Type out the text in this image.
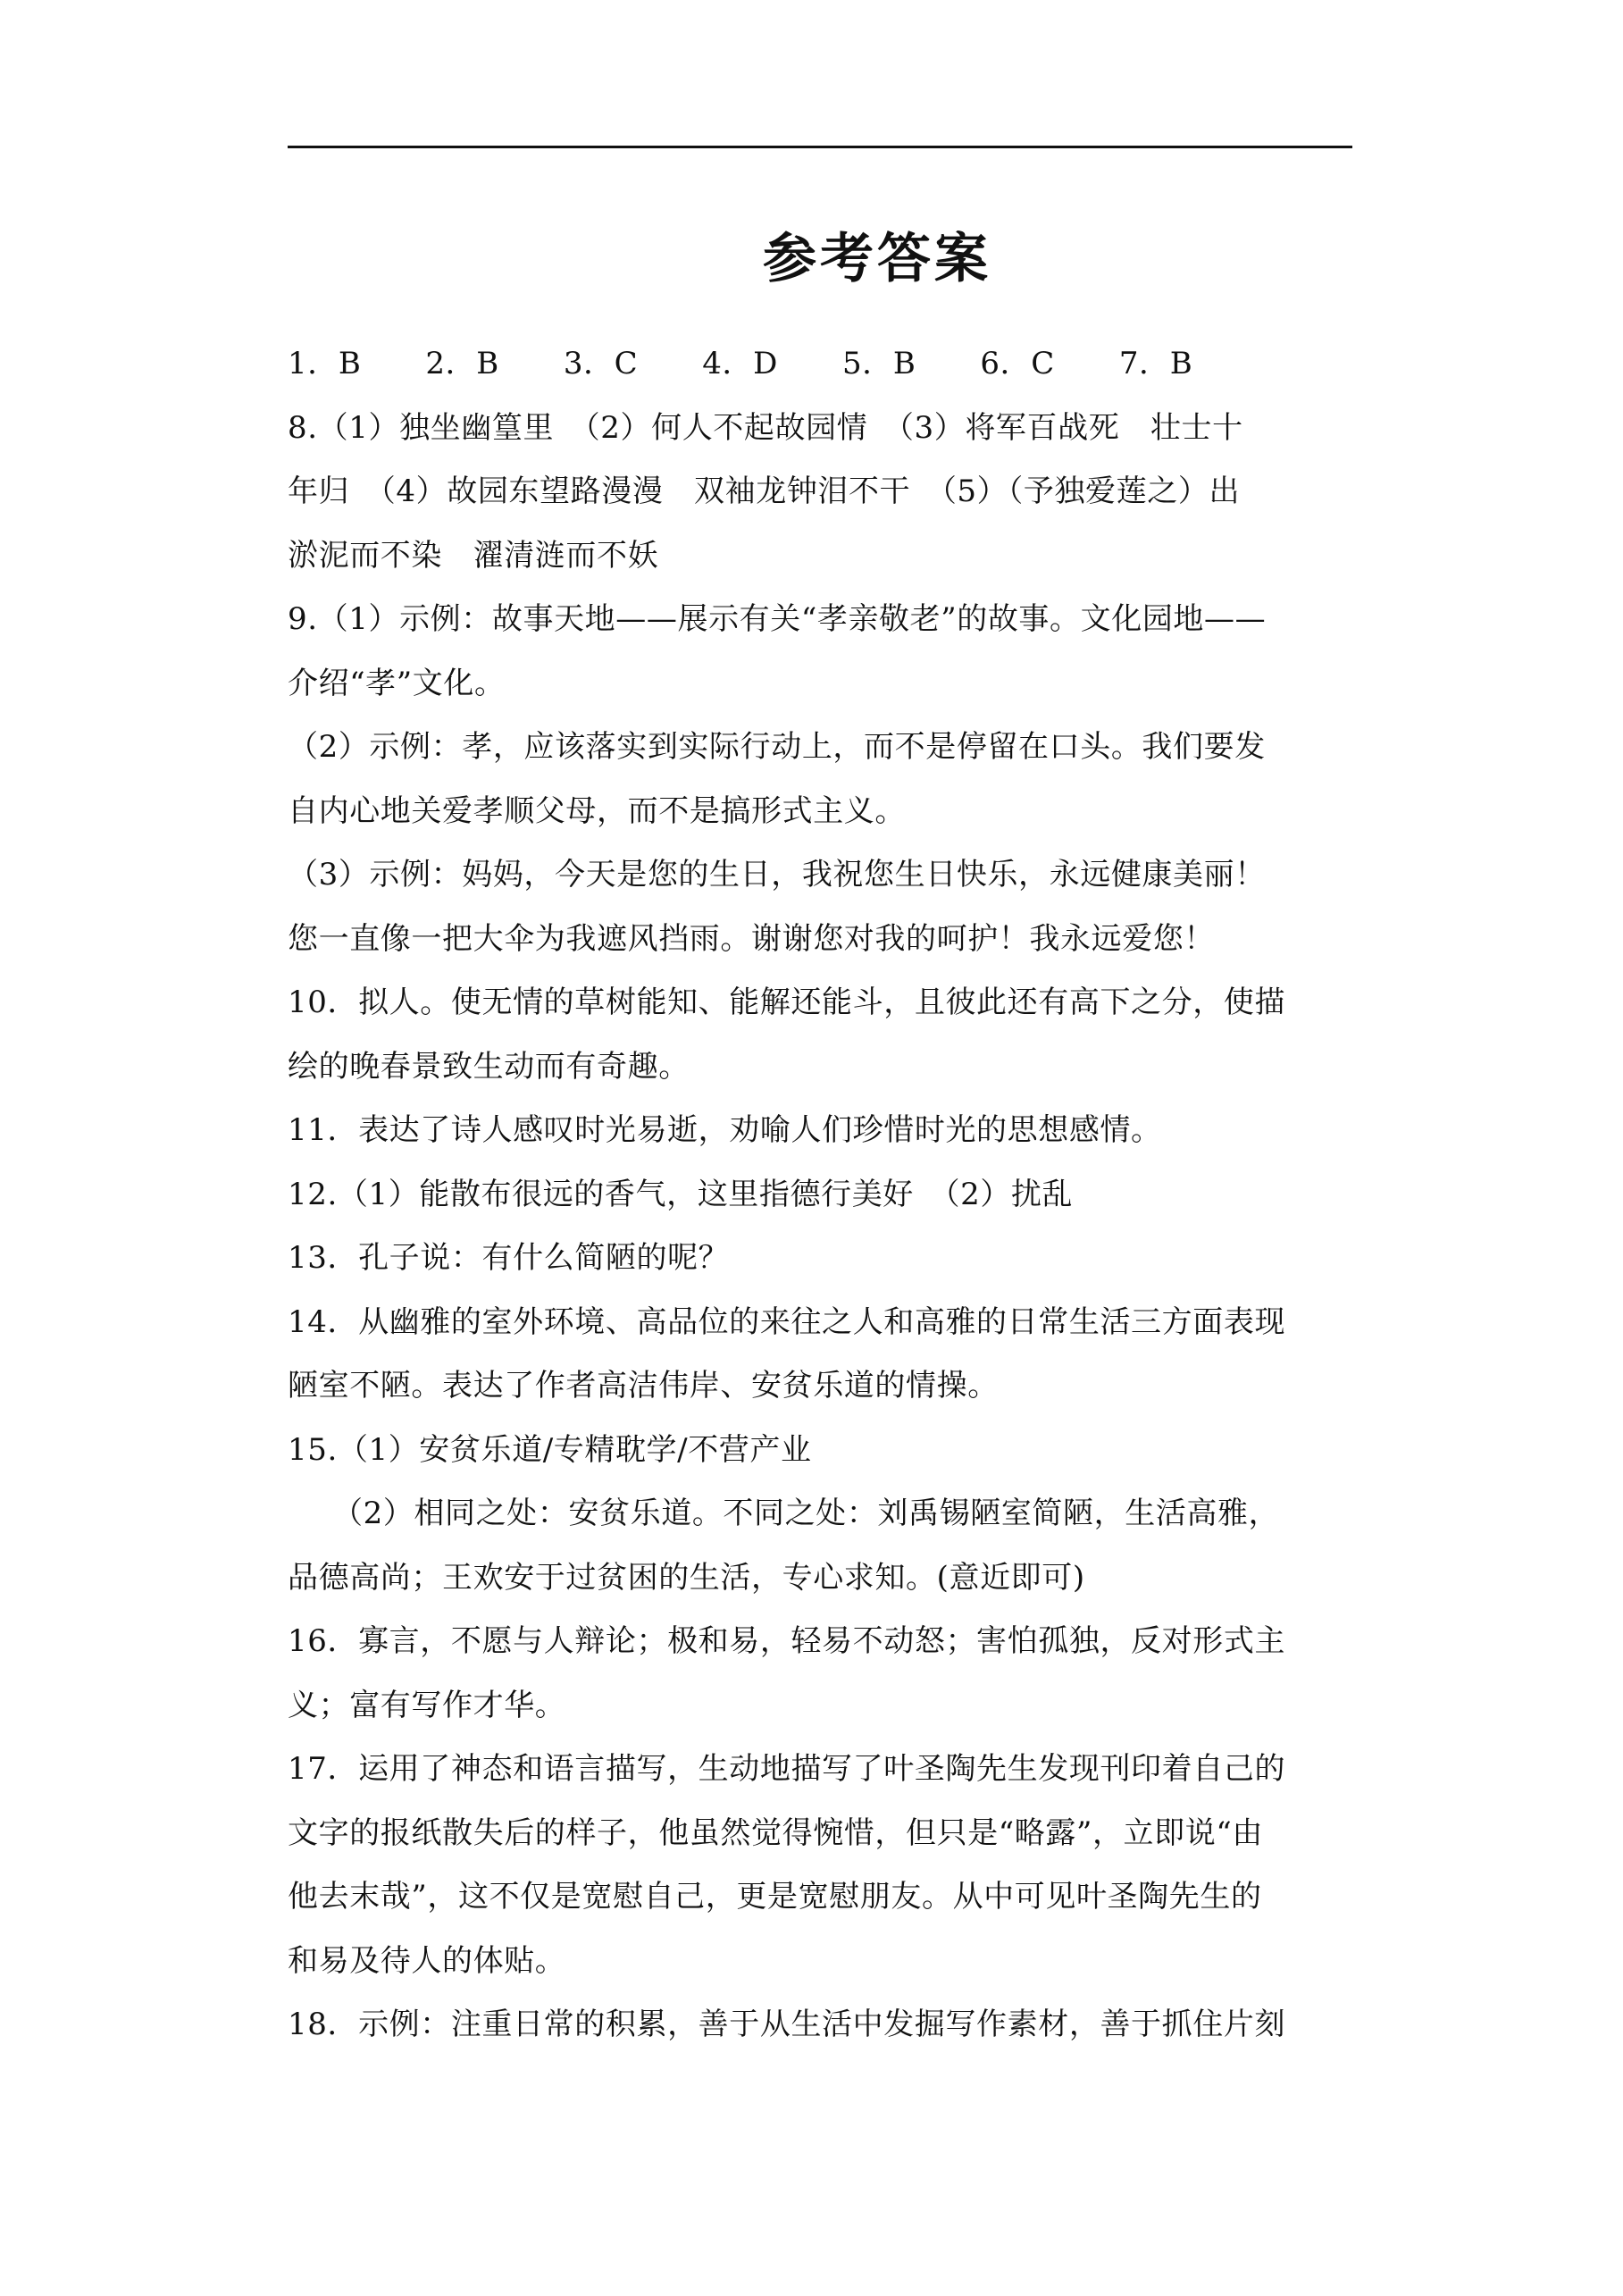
参考答案
1．B 2．B 3．C 4．D 5．B 6．C 7．B
8.（1）独坐幽篁里　（2）何人不起故园情　（3）将军百战死　壮士十
年归　（4）故园东望路漫漫　双袖龙钟泪不干　（5）（予独爱莲之）出
淤泥而不染　濯清涟而不妖
9.（1）示例：故事天地——展示有关“孝亲敬老”的故事。文化园地——
介绍“孝”文化。
（2）示例：孝，应该落实到实际行动上，而不是停留在口头。我们要发
自内心地关爱孝顺父母，而不是搞形式主义。
（3）示例：妈妈，今天是您的生日，我祝您生日快乐，永远健康美丽！
您一直像一把大伞为我遮风挡雨。谢谢您对我的呵护！我永远爱您！
10．拟人。使无情的草树能知、能解还能斗，且彼此还有高下之分，使描
绘的晚春景致生动而有奇趣。
11．表达了诗人感叹时光易逝，劝喻人们珍惜时光的思想感情。
12.（1）能散布很远的香气，这里指德行美好　（2）扰乱
13．孔子说：有什么简陋的呢？
14．从幽雅的室外环境、高品位的来往之人和高雅的日常生活三方面表现
陋室不陋。表达了作者高洁伟岸、安贫乐道的情操。
15.（1）安贫乐道/专精耽学/不营产业
（2）相同之处：安贫乐道。不同之处：刘禹锡陋室简陋，生活高雅，
品德高尚；王欢安于过贫困的生活，专心求知。(意近即可)
16．寡言，不愿与人辩论；极和易，轻易不动怒；害怕孤独，反对形式主
义；富有写作才华。
17．运用了神态和语言描写，生动地描写了叶圣陶先生发现刊印着自己的
文字的报纸散失后的样子，他虽然觉得惋惜，但只是“略露”，立即说“由
他去末哉”，这不仅是宽慰自己，更是宽慰朋友。从中可见叶圣陶先生的
和易及待人的体贴。
18．示例：注重日常的积累，善于从生活中发掘写作素材，善于抓住片刻
